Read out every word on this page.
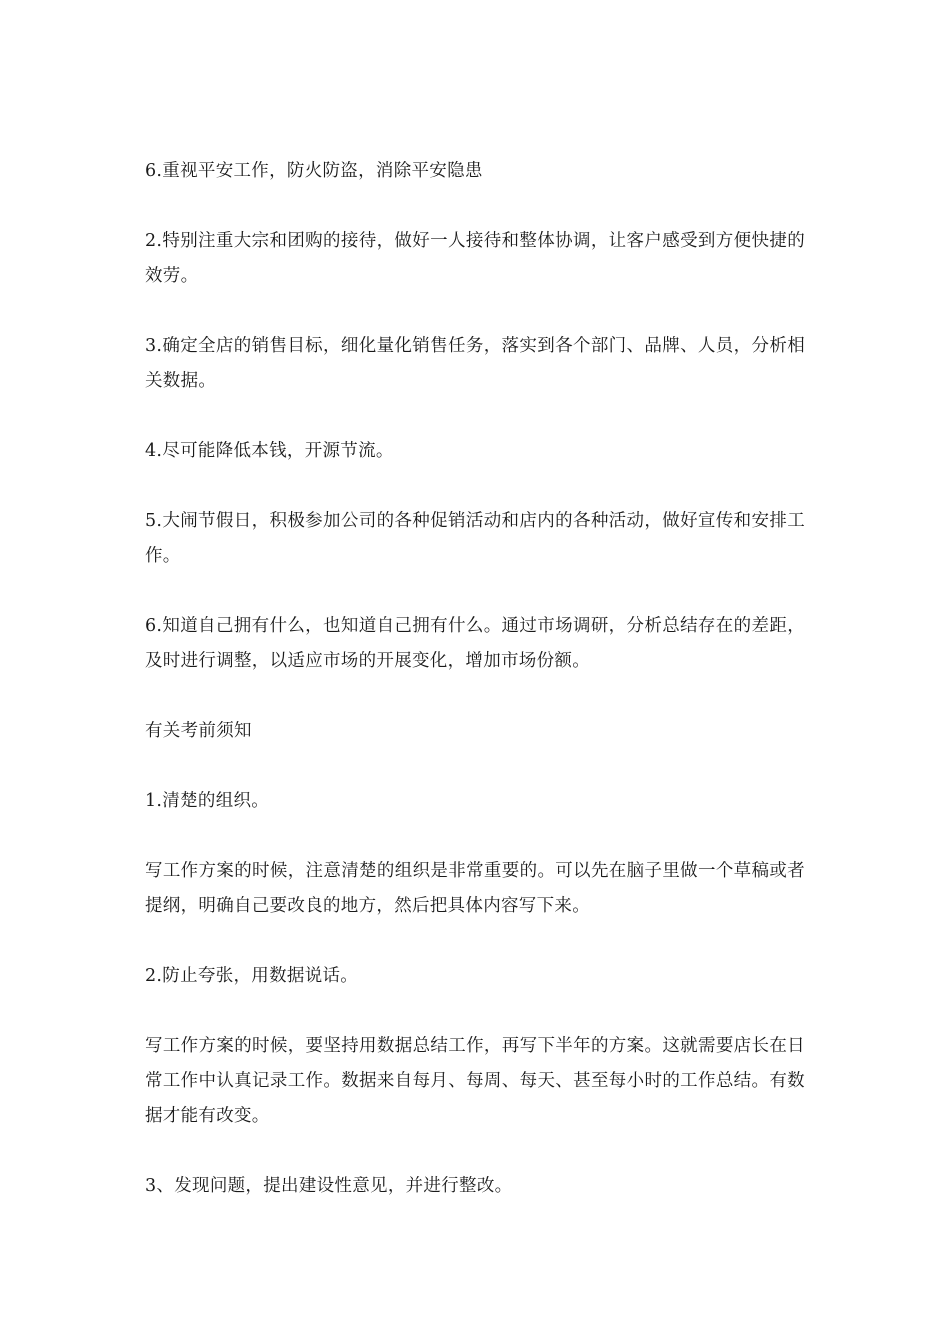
6.重视平安工作，防火防盗，消除平安隐患

2.特别注重大宗和团购的接待，做好一人接待和整体协调，让客户感受到方便快捷的效劳。

3.确定全店的销售目标，细化量化销售任务，落实到各个部门、品牌、人员，分析相关数据。

4.尽可能降低本钱，开源节流。

5.大闹节假日，积极参加公司的各种促销活动和店内的各种活动，做好宣传和安排工作。

6.知道自己拥有什么，也知道自己拥有什么。通过市场调研，分析总结存在的差距，及时进行调整，以适应市场的开展变化，增加市场份额。

有关考前须知

1.清楚的组织。

写工作方案的时候，注意清楚的组织是非常重要的。可以先在脑子里做一个草稿或者提纲，明确自己要改良的地方，然后把具体内容写下来。

2.防止夸张，用数据说话。

写工作方案的时候，要坚持用数据总结工作，再写下半年的方案。这就需要店长在日常工作中认真记录工作。数据来自每月、每周、每天、甚至每小时的工作总结。有数据才能有改变。

3、发现问题，提出建设性意见，并进行整改。
